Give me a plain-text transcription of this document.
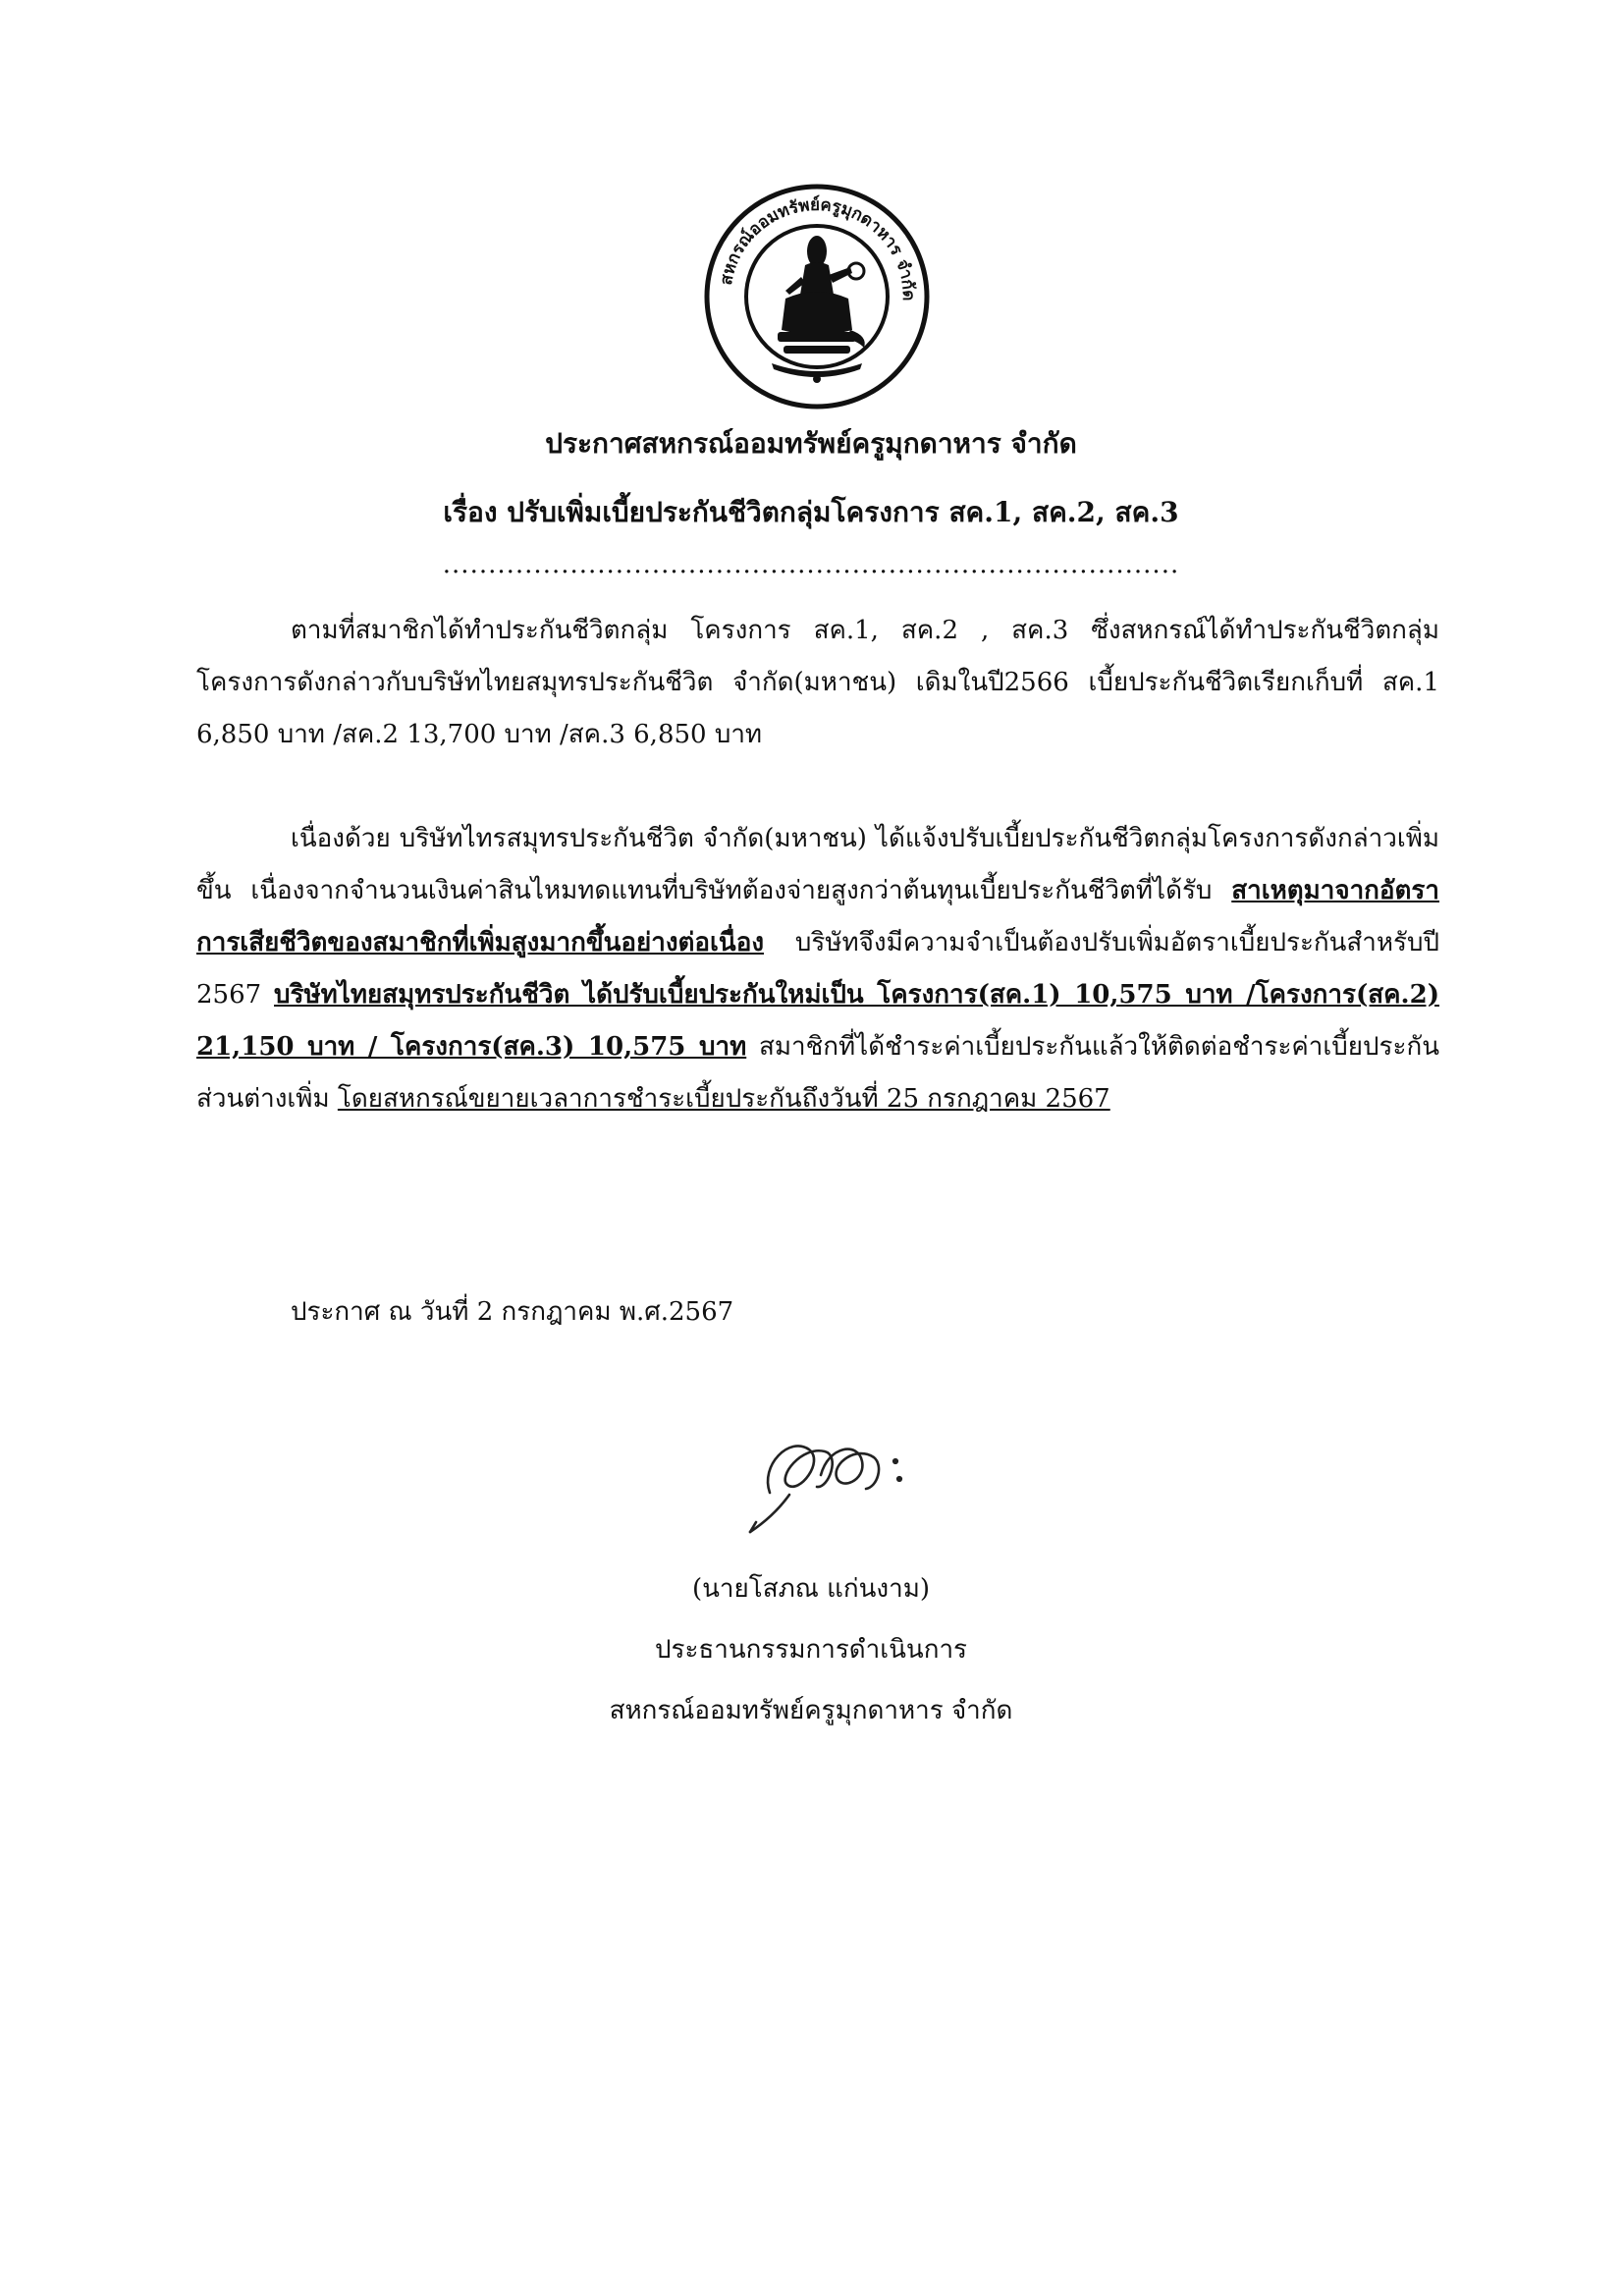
สหกรณ์ออมทรัพย์ครูมุกดาหาร จำกัด
ประกาศสหกรณ์ออมทรัพย์ครูมุกดาหาร จำกัด
เรื่อง ปรับเพิ่มเบี้ยประกันชีวิตกลุ่มโครงการ สค.1, สค.2, สค.3
.................................................................................
ตามที่สมาชิกได้ทำประกันชีวิตกลุ่ม โครงการ สค.1, สค.2 , สค.3 ซึ่งสหกรณ์ได้ทำประกันชีวิตกลุ่มโครงการดังกล่าวกับบริษัทไทยสมุทรประกันชีวิต จำกัด(มหาชน) เดิมในปี2566 เบี้ยประกันชีวิตเรียกเก็บที่ สค.1 6,850 บาท /สค.2 13,700 บาท /สค.3 6,850 บาท
เนื่องด้วย บริษัทไทรสมุทรประกันชีวิต จำกัด(มหาชน) ได้แจ้งปรับเบี้ยประกันชีวิตกลุ่มโครงการดังกล่าวเพิ่มขึ้น เนื่องจากจำนวนเงินค่าสินไหมทดแทนที่บริษัทต้องจ่ายสูงกว่าต้นทุนเบี้ยประกันชีวิตที่ได้รับ สาเหตุมาจากอัตราการเสียชีวิตของสมาชิกที่เพิ่มสูงมากขึ้นอย่างต่อเนื่อง บริษัทจึงมีความจำเป็นต้องปรับเพิ่มอัตราเบี้ยประกันสำหรับปี 2567 บริษัทไทยสมุทรประกันชีวิต ได้ปรับเบี้ยประกันใหม่เป็น โครงการ(สค.1) 10,575 บาท /โครงการ(สค.2) 21,150 บาท / โครงการ(สค.3) 10,575 บาท สมาชิกที่ได้ชำระค่าเบี้ยประกันแล้วให้ติดต่อชำระค่าเบี้ยประกันส่วนต่างเพิ่ม โดยสหกรณ์ขยายเวลาการชำระเบี้ยประกันถึงวันที่ 25 กรกฎาคม 2567
ประกาศ ณ วันที่ 2 กรกฎาคม พ.ศ.2567
(นายโสภณ แก่นงาม)
ประธานกรรมการดำเนินการ
สหกรณ์ออมทรัพย์ครูมุกดาหาร จำกัด
